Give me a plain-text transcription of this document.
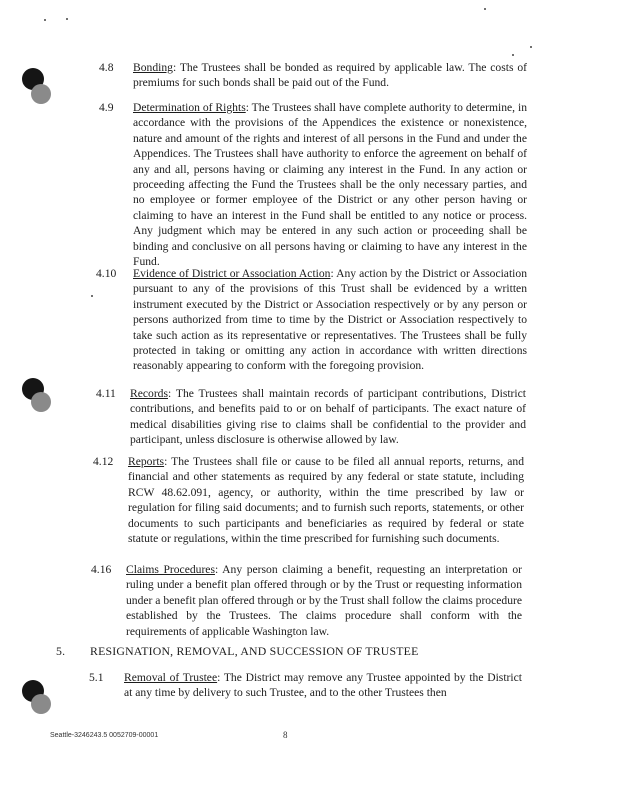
4.8 Bonding: The Trustees shall be bonded as required by applicable law. The costs of premiums for such bonds shall be paid out of the Fund.
4.9 Determination of Rights: The Trustees shall have complete authority to determine, in accordance with the provisions of the Appendices the existence or nonexistence, nature and amount of the rights and interest of all persons in the Fund and under the Appendices. The Trustees shall have authority to enforce the agreement on behalf of any and all, persons having or claiming any interest in the Fund. In any action or proceeding affecting the Fund the Trustees shall be the only necessary parties, and no employee or former employee of the District or any other person having or claiming to have an interest in the Fund shall be entitled to any notice or process. Any judgment which may be entered in any such action or proceeding shall be binding and conclusive on all persons having or claiming to have any interest in the Fund.
4.10 Evidence of District or Association Action: Any action by the District or Association pursuant to any of the provisions of this Trust shall be evidenced by a written instrument executed by the District or Association respectively or by any person or persons authorized from time to time by the District or Association respectively to take such action as its representative or representatives. The Trustees shall be fully protected in taking or omitting any action in accordance with written directions reasonably appearing to conform with the foregoing provision.
4.11 Records: The Trustees shall maintain records of participant contributions, District contributions, and benefits paid to or on behalf of participants. The exact nature of medical disabilities giving rise to claims shall be confidential to the provider and participant, unless disclosure is otherwise allowed by law.
4.12 Reports: The Trustees shall file or cause to be filed all annual reports, returns, and financial and other statements as required by any federal or state statute, including RCW 48.62.091, agency, or authority, within the time prescribed by law or regulation for filing said documents; and to furnish such reports, statements, or other documents to such participants and beneficiaries as required by federal or state statute or regulations, within the time prescribed for furnishing such documents.
4.16 Claims Procedures: Any person claiming a benefit, requesting an interpretation or ruling under a benefit plan offered through or by the Trust or requesting information under a benefit plan offered through or by the Trust shall follow the claims procedure established by the Trustees. The claims procedure shall conform with the requirements of applicable Washington law.
5. RESIGNATION, REMOVAL, AND SUCCESSION OF TRUSTEE
5.1 Removal of Trustee: The District may remove any Trustee appointed by the District at any time by delivery to such Trustee, and to the other Trustees then
Seattle-3246243.5 0052709-00001	8
